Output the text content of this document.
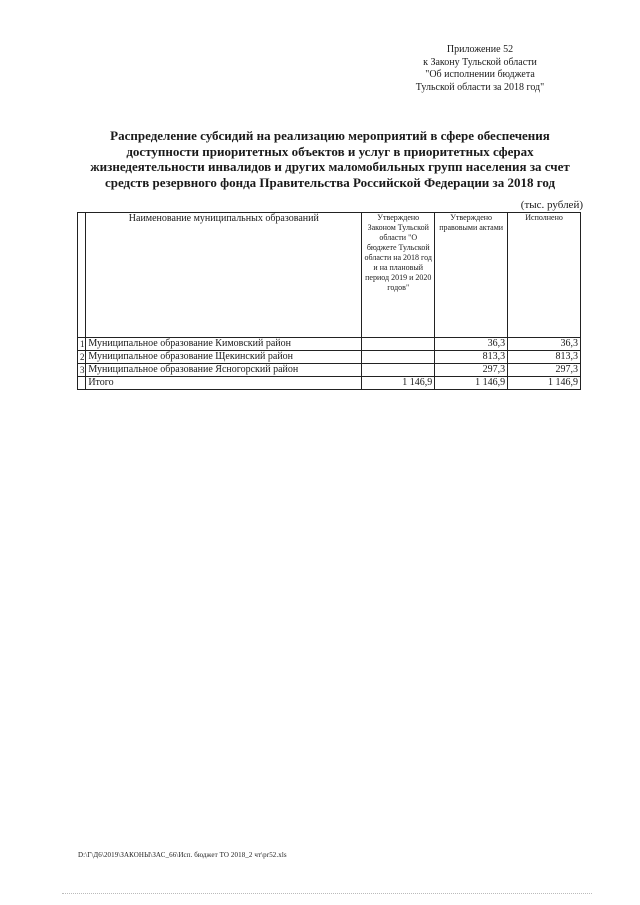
Приложение 52
к Закону Тульской области
"Об исполнении бюджета
Тульской области за 2018 год"
Распределение субсидий на реализацию мероприятий в сфере обеспечения
доступности приоритетных объектов и услуг в приоритетных сферах
жизнедеятельности инвалидов и других маломобильных групп населения за счет
средств резервного фонда Правительства Российской Федерации за 2018 год
(тыс. рублей)
	Наименование муниципальных образований	Утверждено Законом Тульской области "О бюджете Тульской области на 2018 год и на плановый период 2019 и 2020 годов"	Утверждено правовыми актами	Исполнено
1	Муниципальное образование Кимовский район		36,3	36,3
2	Муниципальное образование Щекинский район		813,3	813,3
3	Муниципальное образование Ясногорский район		297,3	297,3
	Итого	1 146,9	1 146,9	1 146,9
D:\Г\Д6\2019\ЗАКОНЫ\ЗАС_66\Исп. бюджет ТО 2018_2 чт\pr52.xls
